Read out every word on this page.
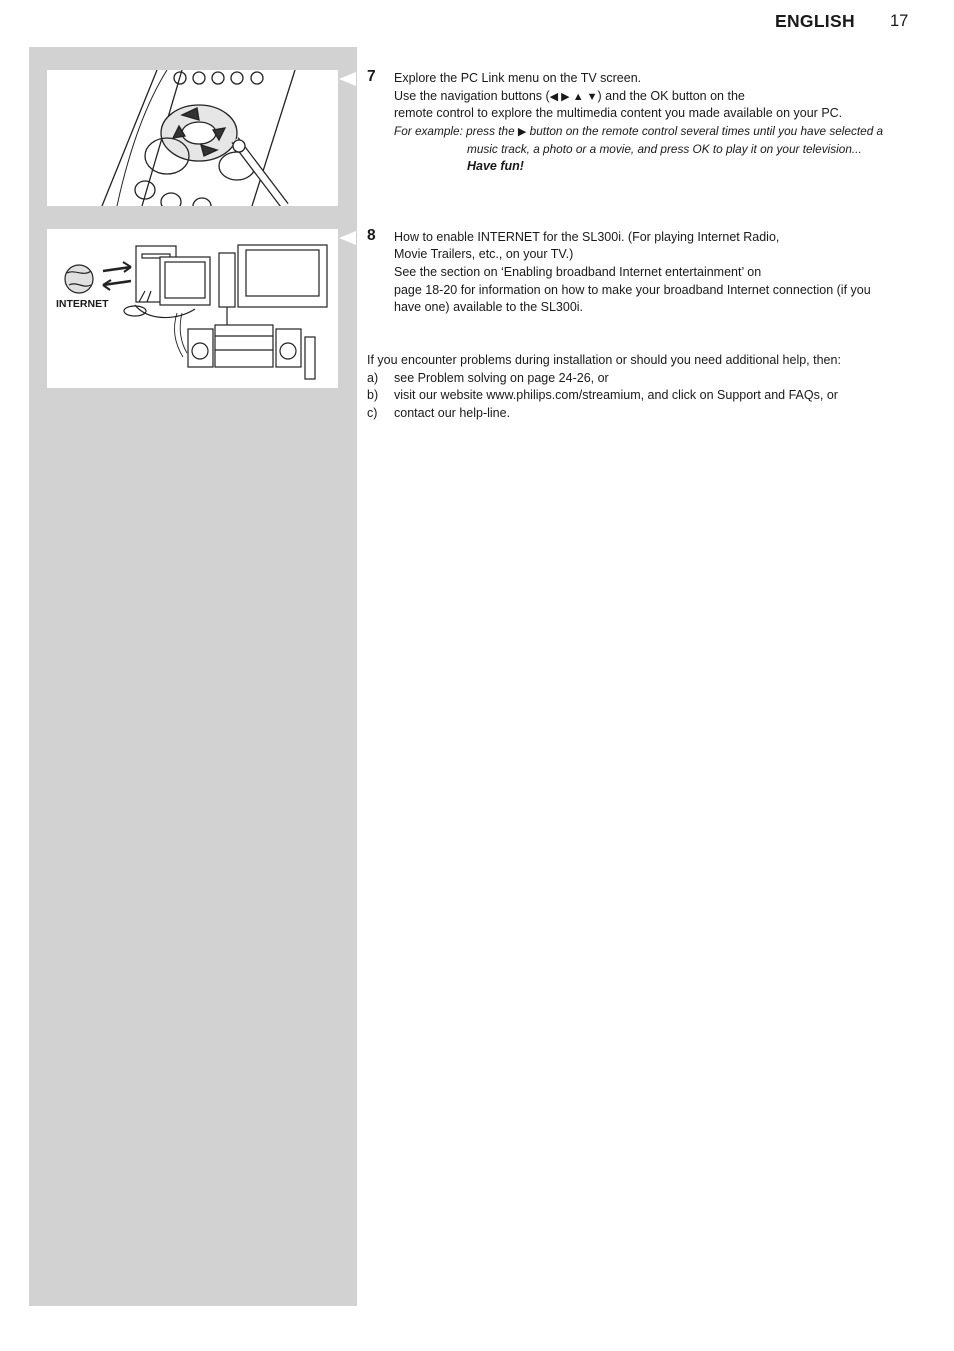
ENGLISH 17
INTERNET
7 Explore the PC Link menu on the TV screen.
Use the navigation buttons (◀ ▶ ▲ ▼) and the OK button on the
remote control to explore the multimedia content you made available on your PC.
For example: press the ▶ button on the remote control several times until you have selected a
music track, a photo or a movie, and press OK to play it on your television...
Have fun!
8 How to enable INTERNET for the SL300i. (For playing Internet Radio,
Movie Trailers, etc., on your TV.)
See the section on ‘Enabling broadband Internet entertainment’ on
page 18-20 for information on how to make your broadband Internet connection (if you
have one) available to the SL300i.
If you encounter problems during installation or should you need additional help, then:
a) see Problem solving on page 24-26, or
b) visit our website www.philips.com/streamium, and click on Support and FAQs, or
c) contact our help-line.
